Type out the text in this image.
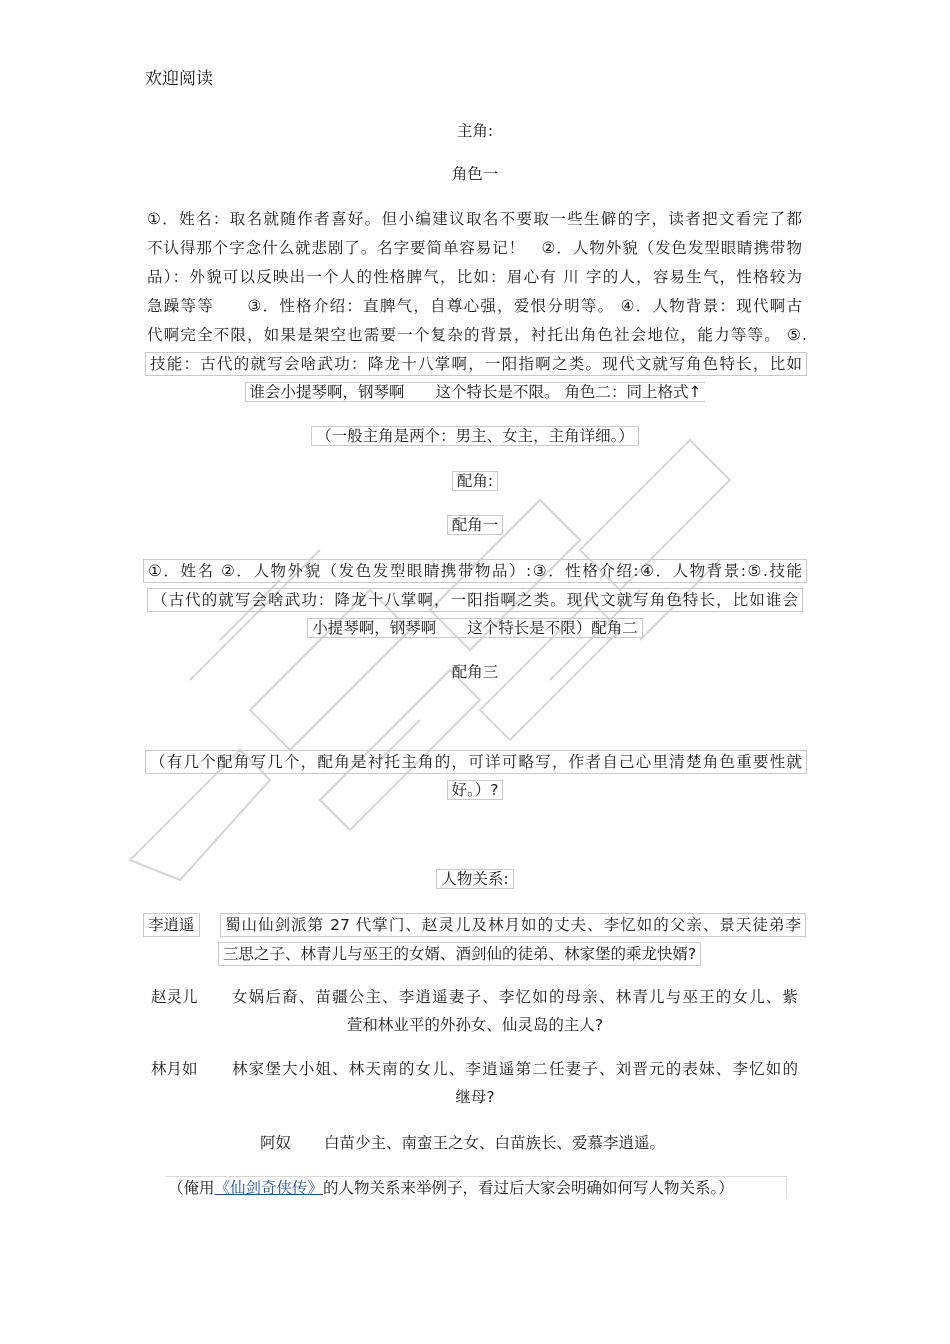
欢迎阅读
主角:
角色一
①．姓名：取名就随作者喜好。但小编建议取名不要取一些生僻的字，读者把文看完了都
不认得那个字念什么就悲剧了。名字要简单容易记！　②．人物外貌（发色发型眼睛携带物
品）：外貌可以反映出一个人的性格脾气，比如：眉心有 川 字的人，容易生气，性格较为
急躁等等　　③．性格介绍：直脾气，自尊心强，爱恨分明等。 ④．人物背景：现代啊古
代啊完全不限，如果是架空也需要一个复杂的背景，衬托出角色社会地位，能力等等。 ⑤.
技能：古代的就写会啥武功：降龙十八掌啊，一阳指啊之类。现代文就写角色特长，比如
谁会小提琴啊，钢琴啊　　这个特长是不限。 角色二：同上格式↑
（一般主角是两个：男主、女主，主角详细。）
配角:
配角一
①．姓名 ②．人物外貌（发色发型眼睛携带物品）:③．性格介绍:④．人物背景:⑤.技能
（古代的就写会啥武功：降龙十八掌啊，一阳指啊之类。现代文就写角色特长，比如谁会
小提琴啊，钢琴啊　　这个特长是不限）配角二
配角三
（有几个配角写几个，配角是衬托主角的，可详可略写，作者自己心里清楚角色重要性就
好。）?
人物关系:
李逍遥	蜀山仙剑派第 27 代掌门、赵灵儿及林月如的丈夫、李忆如的父亲、景天徒弟李
三思之子、林青儿与巫王的女婿、酒剑仙的徒弟、林家堡的乘龙快婿?
赵灵儿 女娲后裔、苗疆公主、李逍遥妻子、李忆如的母亲、林青儿与巫王的女儿、紫
萱和林业平的外孙女、仙灵岛的主人?
林月如 林家堡大小姐、林天南的女儿、李逍遥第二任妻子、刘晋元的表妹、李忆如的
继母?
阿奴 白苗少主、南蛮王之女、白苗族长、爱慕李逍遥。
（俺用《仙剑奇侠传》的人物关系来举例子，看过后大家会明确如何写人物关系。）
